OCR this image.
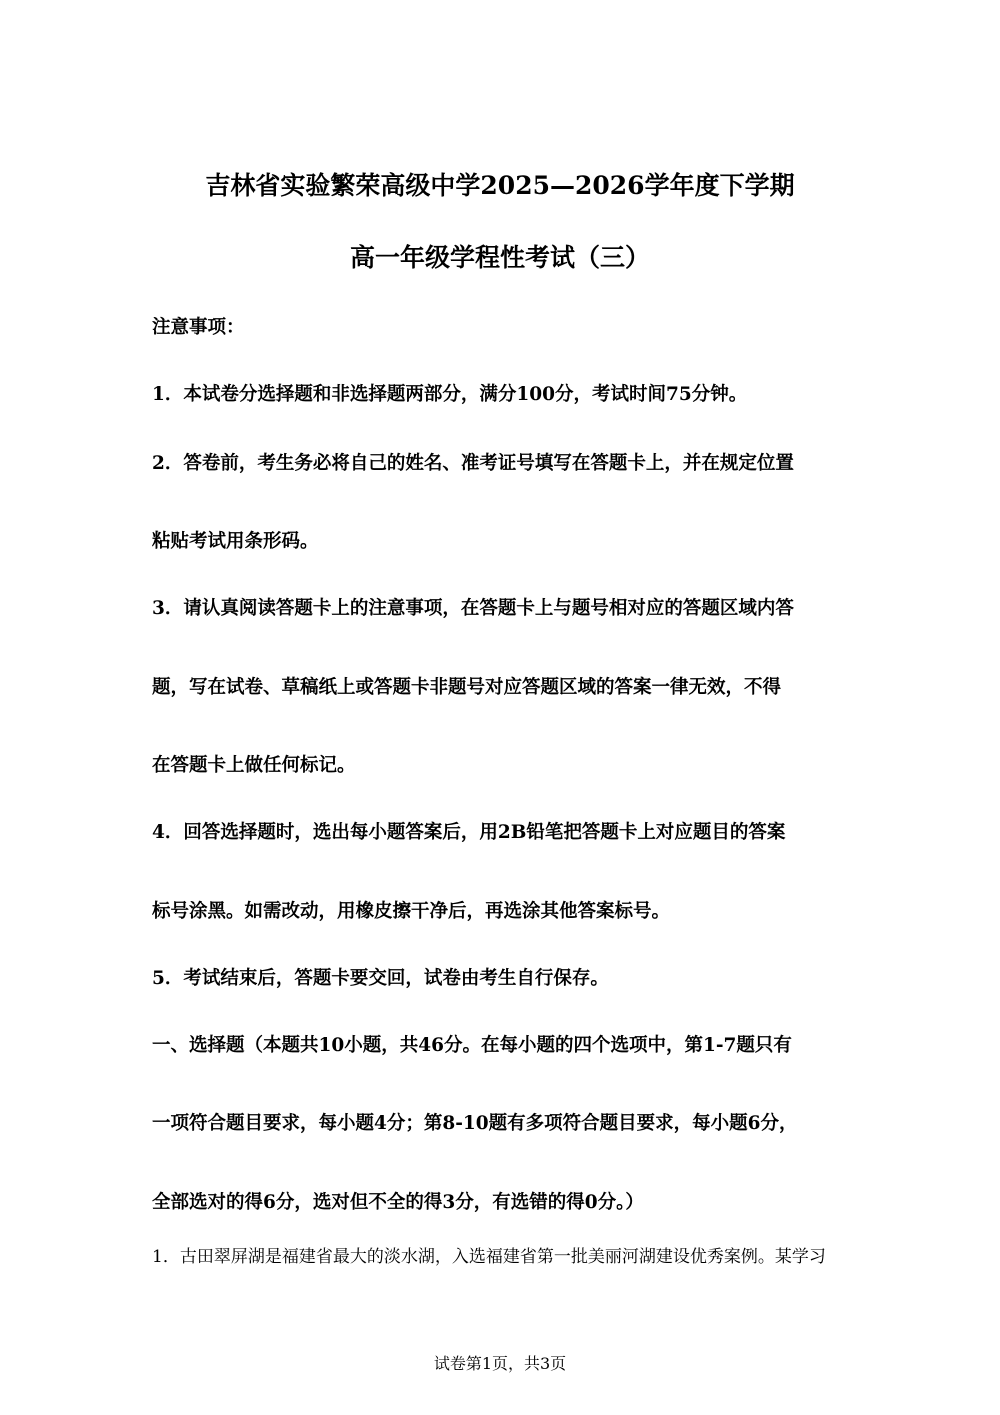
吉林省实验繁荣高级中学2025—2026学年度下学期
高一年级学程性考试（三）
注意事项：
1．本试卷分选择题和非选择题两部分，满分100分，考试时间75分钟。
2．答卷前，考生务必将自己的姓名、准考证号填写在答题卡上，并在规定位置
粘贴考试用条形码。
3．请认真阅读答题卡上的注意事项，在答题卡上与题号相对应的答题区域内答
题，写在试卷、草稿纸上或答题卡非题号对应答题区域的答案一律无效，不得
在答题卡上做任何标记。
4．回答选择题时，选出每小题答案后，用2B铅笔把答题卡上对应题目的答案
标号涂黑。如需改动，用橡皮擦干净后，再选涂其他答案标号。
5．考试结束后，答题卡要交回，试卷由考生自行保存。
一、选择题（本题共10小题，共46分。在每小题的四个选项中，第1-7题只有
一项符合题目要求，每小题4分；第8-10题有多项符合题目要求，每小题6分，
全部选对的得6分，选对但不全的得3分，有选错的得0分。）
1．古田翠屏湖是福建省最大的淡水湖，入选福建省第一批美丽河湖建设优秀案例。某学习
试卷第1页，共3页
